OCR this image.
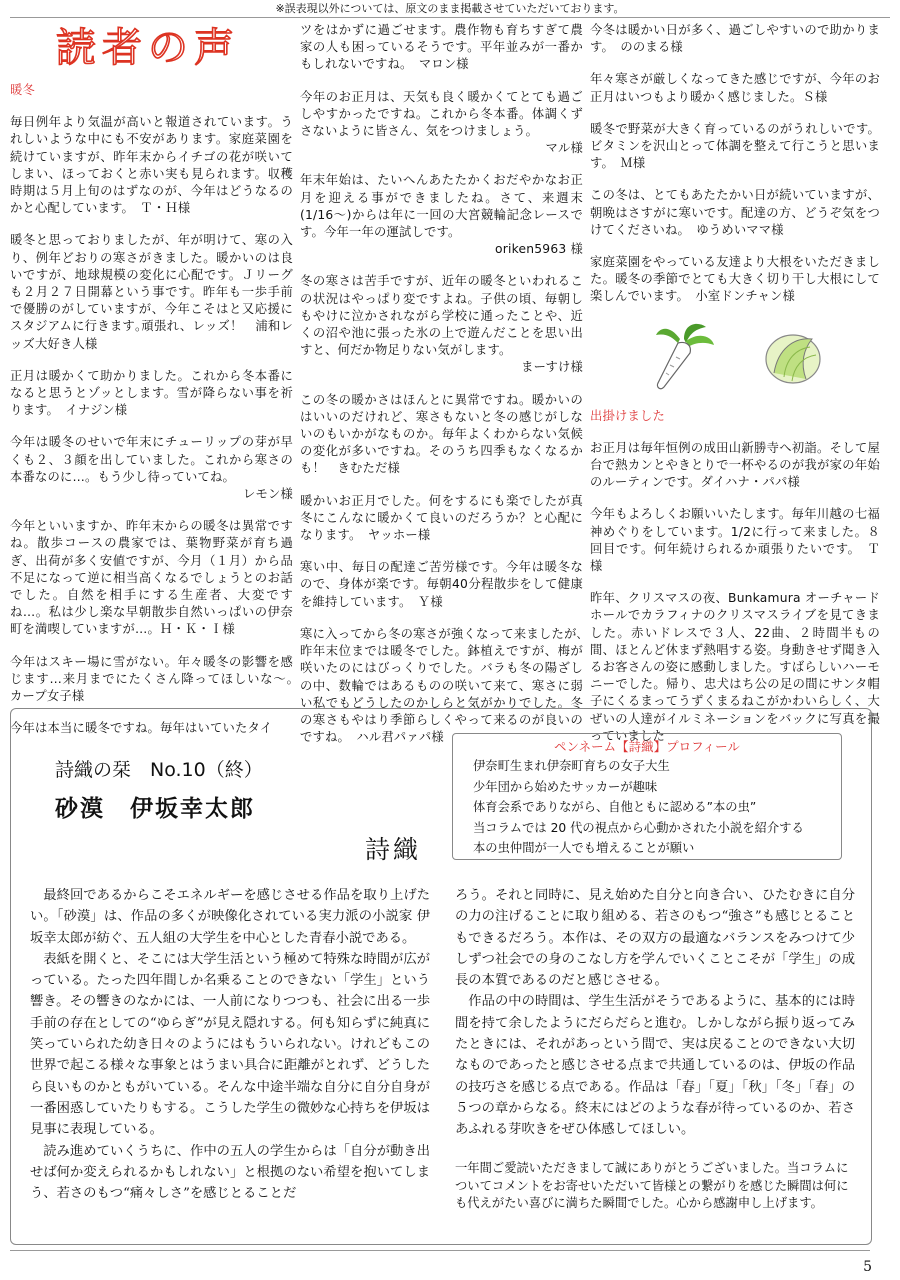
※誤表現以外については、原文のまま掲載させていただいております。
読者の声
暖冬

毎日例年より気温が高いと報道されています。うれしいような中にも不安があります。家庭菜園を続けていますが、昨年末からイチゴの花が咲いてしまい、ほっておくと赤い実も見られます。収穫時期は５月上旬のはずなのが、今年はどうなるのかと心配しています。　Ｔ・Ｈ様

暖冬と思っておりましたが、年が明けて、寒の入り、例年どおりの寒さがきました。暖かいのは良いですが、地球規模の変化に心配です。Ｊリーグも２月２７日開幕という事です。昨年も一歩手前で優勝のがしていますが、今年こそはと又応援にスタジアムに行きます｡頑張れ、レッズ！　浦和レッズ大好き人様

正月は暖かくて助かりました。これから冬本番になると思うとゾッとします。雪が降らない事を祈ります。　イナジン様

今年は暖冬のせいで年末にチューリップの芽が早くも２、３顔を出していました。これから寒さの本番なのに…。もう少し待っていてね。

レモン様

今年といいますか、昨年末からの暖冬は異常ですね。散歩コースの農家では、葉物野菜が育ち過ぎ、出荷が多く安値ですが、今月（１月）から品不足になって逆に相当高くなるでしょうとのお話でした。自然を相手にする生産者、大変ですね…。私は少し楽な早朝散歩自然いっぱいの伊奈町を満喫していますが…。Ｈ・Ｋ・Ｉ様

今年はスキー場に雪がない。年々暖冬の影響を感じます…来月までにたくさん降ってほしいな～。　カープ女子様

今年は本当に暖冬ですね。毎年はいていたタイ

ツをはかずに過ごせます。農作物も育ちすぎて農家の人も困っているそうです。平年並みが一番かもしれないですね。　マロン様

今年のお正月は、天気も良く暖かくてとても過ごしやすかったですね。これから冬本番。体調くずさないように皆さん、気をつけましょう。

マル様

年末年始は、たいへんあたたかくおだやかなお正月を迎える事ができましたね。さて、来週末(1/16～)からは年に一回の大宮競輪記念レースです。今年一年の運試しです。

oriken5963 様

冬の寒さは苦手ですが、近年の暖冬といわれるこの状況はやっぱり変ですよね。子供の頃、毎朝しもやけに泣かされながら学校に通ったことや、近くの沼や池に張った氷の上で遊んだことを思い出すと、何だか物足りない気がします。

まーすけ様

この冬の暖かさはほんとに異常ですね。暖かいのはいいのだけれど、寒さもないと冬の感じがしないのもいかがなものか。毎年よくわからない気候の変化が多いですね。そのうち四季もなくなるかも！　きむただ様

暖かいお正月でした。何をするにも楽でしたが真冬にこんなに暖かくて良いのだろうか？と心配になります。　ヤッホー様

寒い中、毎日の配達ご苦労様です。今年は暖冬なので、身体が楽です。毎朝40分程散歩をして健康を維持しています。　Ｙ様

寒に入ってから冬の寒さが強くなって来ましたが､昨年末位までは暖冬でした。鉢植えですが、梅が咲いたのにはびっくりでした。バラも冬の陽ざしの中、数輪ではあるものの咲いて来て、寒さに弱い私でもどうしたのかしらと気がかりでした。冬の寒さもやはり季節らしくやって来るのが良いのですね。　ハル君パァパ様

今冬は暖かい日が多く、過ごしやすいので助かります。　ののまる様

年々寒さが厳しくなってきた感じですが、今年のお正月はいつもより暖かく感じました。Ｓ様

暖冬で野菜が大きく育っているのがうれしいです。ビタミンを沢山とって体調を整えて行こうと思います。　Ｍ様

この冬は、とてもあたたかい日が続いていますが、朝晩はさすがに寒いです。配達の方、どうぞ気をつけてくださいね。　ゆうめいママ様

家庭菜園をやっている友達より大根をいただきました。暖冬の季節でとても大きく切り干し大根にして楽しんでいます。　小室ドンチャン様

出掛けました

お正月は毎年恒例の成田山新勝寺へ初詣。そして屋台で熱カンとやきとりで一杯やるのが我が家の年始のルーティンです。ダイハナ・パパ様

今年もよろしくお願いいたします。毎年川越の七福神めぐりをしています。1/2に行って来ました。８回目です。何年続けられるか頑張りたいです。　Ｔ様

昨年、クリスマスの夜、Bunkamura オーチャードホールでカラフィナのクリスマスライブを見てきました。赤いドレスで３人、22曲、２時間半もの間、ほとんど休まず熱唱する姿。身動きせず聞き入るお客さんの姿に感動しました。すばらしいハーモニーでした。帰り、忠犬はち公の足の間にサンタ帽子にくるまってうずくまるねこがかわいらしく、大ぜいの人達がイルミネーションをバックに写真を撮っていました

詩織の栞　No.10（終）
砂漠　伊坂幸太郎
詩織
ペンネーム【詩織】プロフィール
伊奈町生まれ伊奈町育ちの女子大生
少年団から始めたサッカーが趣味
体育会系でありながら、自他ともに認める”本の虫”
当コラムでは 20 代の視点から心動かされた小説を紹介する
本の虫仲間が一人でも増えることが願い

最終回であるからこそエネルギーを感じさせる作品を取り上げたい。「砂漠」は、作品の多くが映像化されている実力派の小説家 伊坂幸太郎が紡ぐ、五人組の大学生を中心とした青春小説である。

表紙を開くと、そこには大学生活という極めて特殊な時間が広がっている。たった四年間しか名乗ることのできない「学生」という響き。その響きのなかには、一人前になりつつも、社会に出る一歩手前の存在としての“ゆらぎ”が見え隠れする。何も知らずに純真に笑っていられた幼き日々のようにはもういられない。けれどもこの世界で起こる様々な事象とはうまい具合に距離がとれず、どうしたら良いものかともがいている。そんな中途半端な自分に自分自身が一番困惑していたりもする。こうした学生の微妙な心持ちを伊坂は見事に表現している。

読み進めていくうちに、作中の五人の学生からは「自分が動き出せば何か変えられるかもしれない」と根拠のない希望を抱いてしまう、若さのもつ“痛々しさ”を感じとることだ

ろう。それと同時に、見え始めた自分と向き合い、ひたむきに自分の力の注げることに取り組める、若さのもつ“強さ”も感じとることもできるだろう。本作は、その双方の最適なバランスをみつけて少しずつ社会での身のこなし方を学んでいくことこそが「学生」の成長の本質であるのだと感じさせる。

作品の中の時間は、学生生活がそうであるように、基本的には時間を持て余したようにだらだらと進む。しかしながら振り返ってみたときには、それがあっという間で、実は戻ることのできない大切なものであったと感じさせる点まで共通しているのは、伊坂の作品の技巧さを感じる点である。作品は「春」「夏」「秋」「冬」「春」の５つの章からなる。終末にはどのような春が待っているのか、若さあふれる芽吹きをぜひ体感してほしい。

一年間ご愛読いただきまして誠にありがとうございました。当コラムについてコメントをお寄せいただいて皆様との繋がりを感じた瞬間は何にも代えがたい喜びに満ちた瞬間でした。心から感謝申し上げます。
5
